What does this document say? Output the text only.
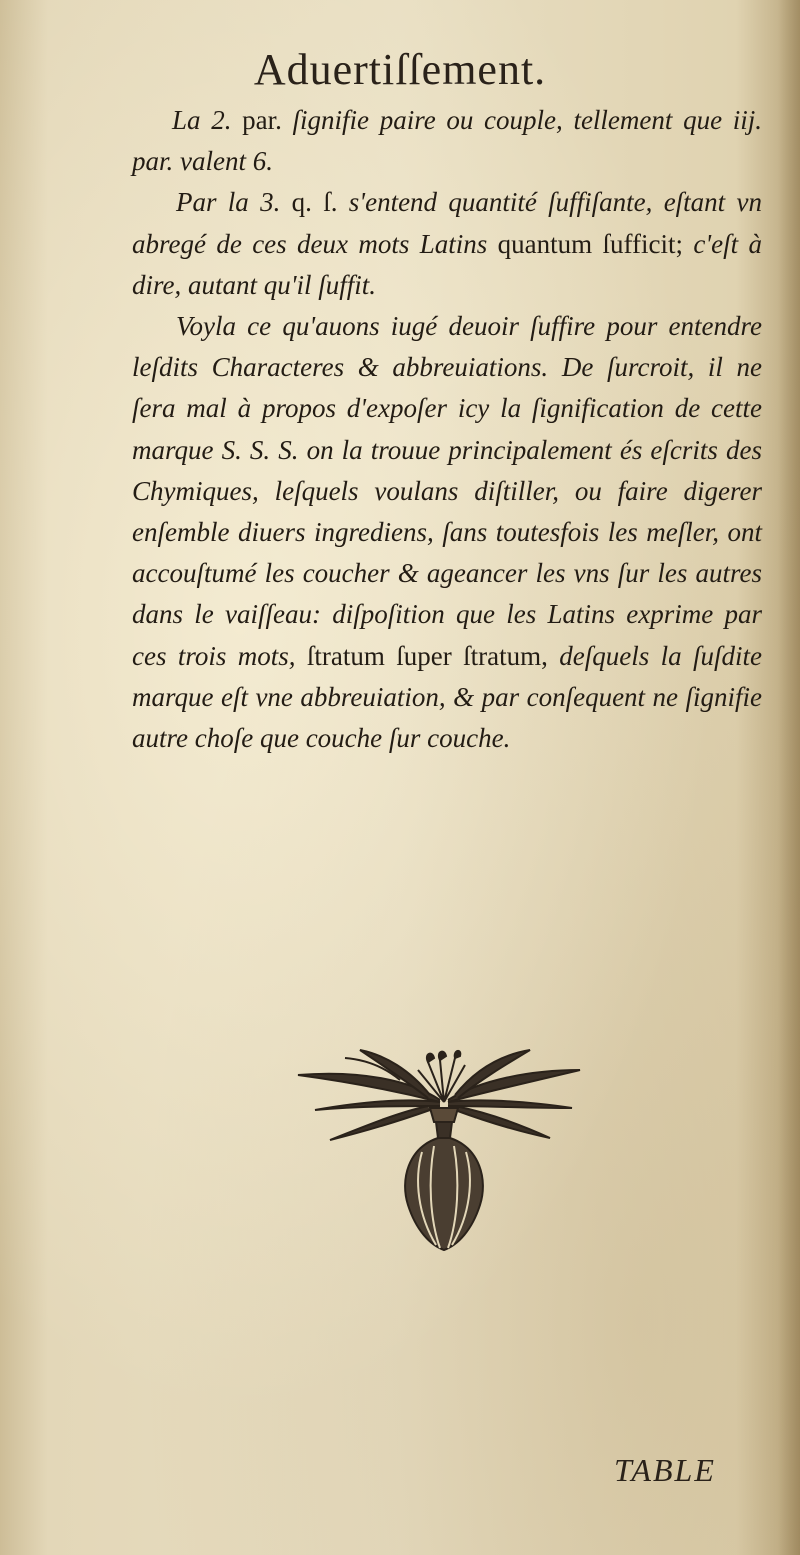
Aduertiſſement.

La 2. par. ſignifie paire ou couple, tellement que iij. par. valent 6.

Par la 3. q. ſ. s'entend quantité ſuffiſante, eſtant vn abregé de ces deux mots Latins quantum ſufficit; c'eſt à dire, autant qu'il ſuffit.

Voyla ce qu'auons iugé deuoir ſuffire pour entendre leſdits Characteres & abbreuiations. De ſurcroit, il ne ſera mal à propos d'expoſer icy la ſignification de cette marque S. S. S. on la trouue principalement és eſcrits des Chymiques, leſquels voulans diſtiller, ou faire digerer enſemble diuers ingrediens, ſans toutesfois les meſler, ont accouſtumé les coucher & ageancer les vns ſur les autres dans le vaiſſeau: diſpoſition que les Latins exprime par ces trois mots, ſtratum ſuper ſtratum, deſquels la ſuſdite marque eſt vne abbreuiation, & par conſequent ne ſignifie autre choſe que couche ſur couche.

TABLE
